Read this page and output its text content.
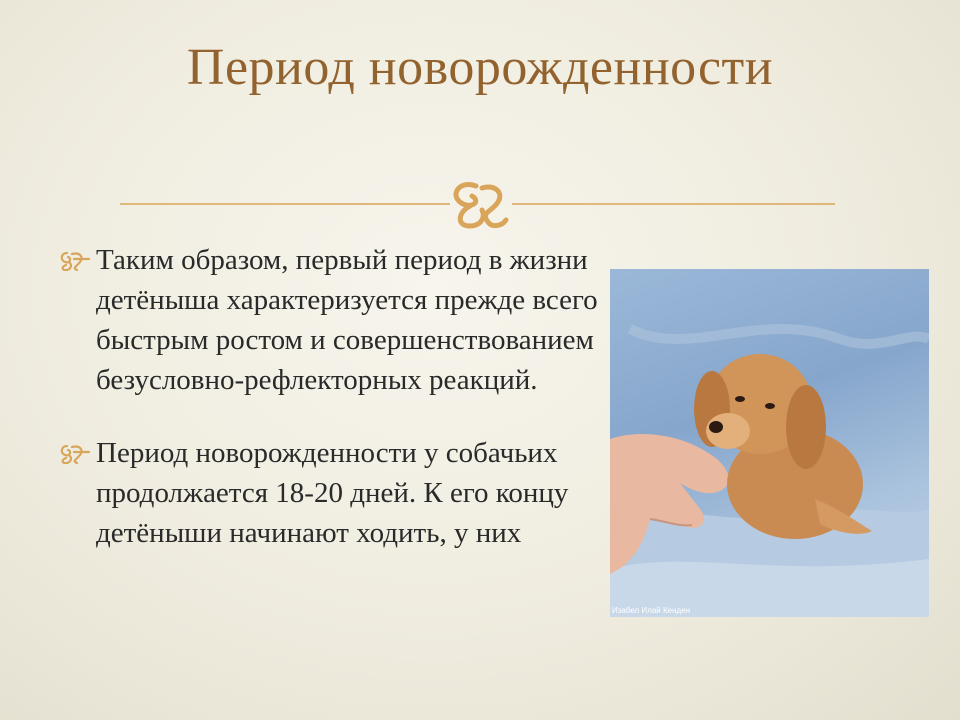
Период новорожденности
Таким образом, первый период в жизни детёныша характеризуется прежде всего быстрым ростом и совершенствованием безусловно-рефлекторных реакций.
Период новорожденности у собачьих продолжается 18-20 дней. К его концу детёныши начинают ходить, у них
Изабел Илай Кенден
